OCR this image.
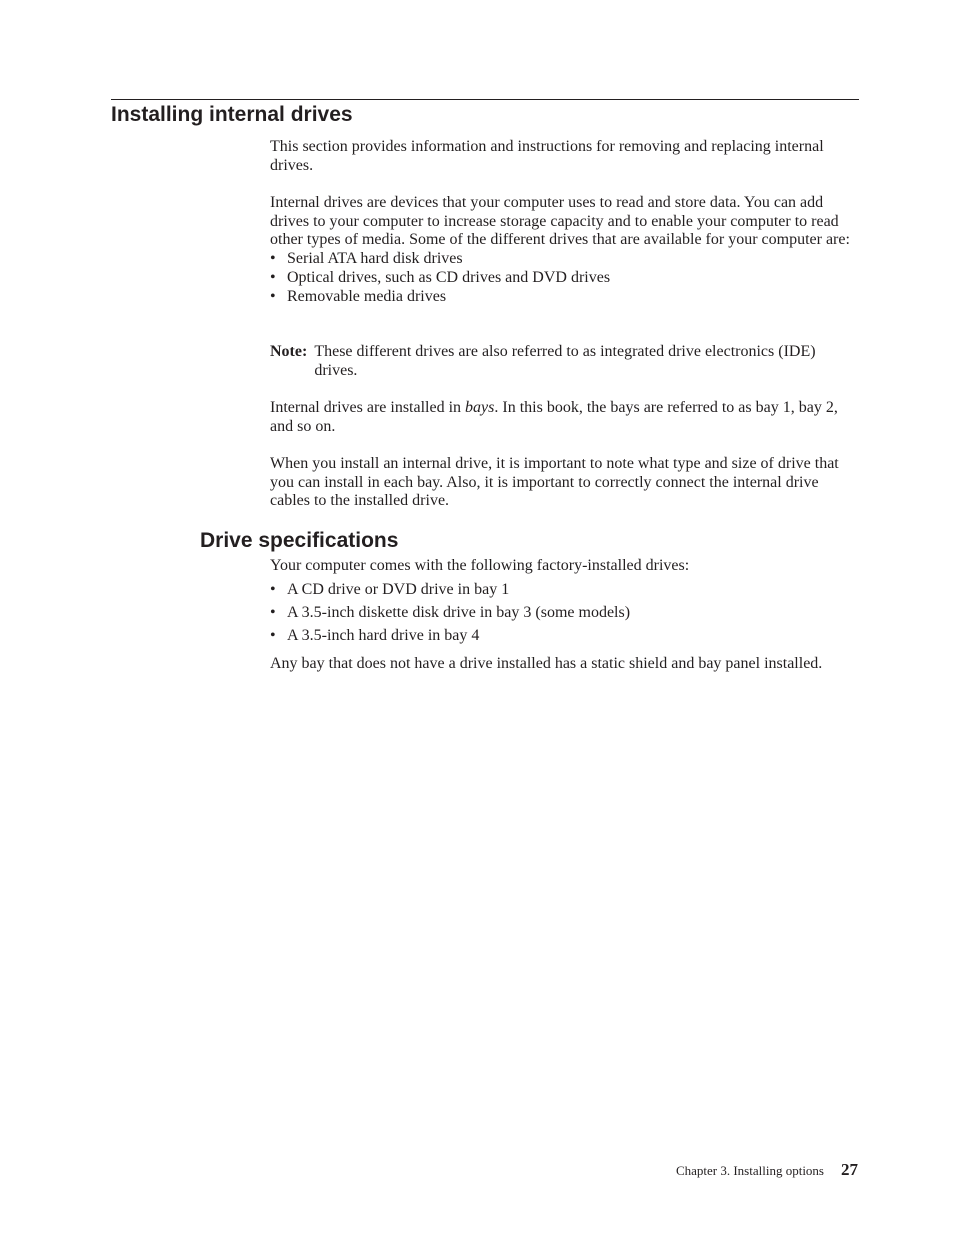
Installing internal drives

This section provides information and instructions for removing and replacing internal drives.

Internal drives are devices that your computer uses to read and store data. You can add drives to your computer to increase storage capacity and to enable your computer to read other types of media. Some of the different drives that are available for your computer are:

• Serial ATA hard disk drives
• Optical drives, such as CD drives and DVD drives
• Removable media drives
Note: These different drives are also referred to as integrated drive electronics (IDE) drives.

Internal drives are installed in bays. In this book, the bays are referred to as bay 1, bay 2, and so on.

When you install an internal drive, it is important to note what type and size of drive that you can install in each bay. Also, it is important to correctly connect the internal drive cables to the installed drive.

Drive specifications

Your computer comes with the following factory-installed drives:

• A CD drive or DVD drive in bay 1
• A 3.5-inch diskette disk drive in bay 3 (some models)
• A 3.5-inch hard drive in bay 4

Any bay that does not have a drive installed has a static shield and bay panel installed.

Chapter 3. Installing options 27
